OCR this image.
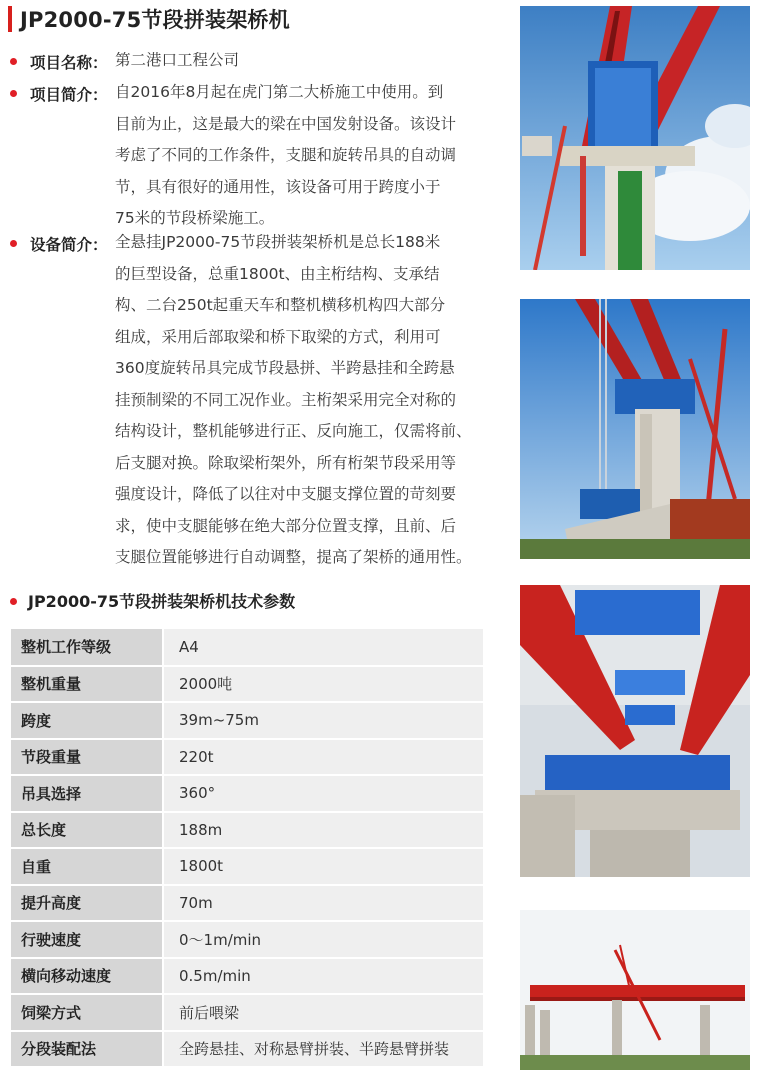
JP2000-75节段拼装架桥机
项目名称： 第二港口工程公司
项目简介： 自2016年8月起在虎门第二大桥施工中使用。到
目前为止，这是最大的梁在中国发射设备。该设计
考虑了不同的工作条件，支腿和旋转吊具的自动调
节，具有很好的通用性，该设备可用于跨度小于
75米的节段桥梁施工。
设备简介： 全悬挂JP2000-75节段拼装架桥机是总长188米
的巨型设备，总重1800t、由主桁结构、支承结
构、二台250t起重天车和整机横移机构四大部分
组成，采用后部取梁和桥下取梁的方式，利用可
360度旋转吊具完成节段悬拼、半跨悬挂和全跨悬
挂预制梁的不同工况作业。主桁架采用完全对称的
结构设计，整机能够进行正、反向施工，仅需将前、
后支腿对换。除取梁桁架外，所有桁架节段采用等
强度设计，降低了以往对中支腿支撑位置的苛刻要
求，使中支腿能够在绝大部分位置支撑，且前、后
支腿位置能够进行自动调整，提高了架桥的通用性。
JP2000-75节段拼装架桥机技术参数
整机工作等级	A4
整机重量	2000吨
跨度	39m~75m
节段重量	220t
吊具选择	360°
总长度	188m
自重	1800t
提升高度	70m
行驶速度	0～1m/min
横向移动速度	0.5m/min
饲梁方式	前后喂梁
分段装配法	全跨悬挂、对称悬臂拼装、半跨悬臂拼装
